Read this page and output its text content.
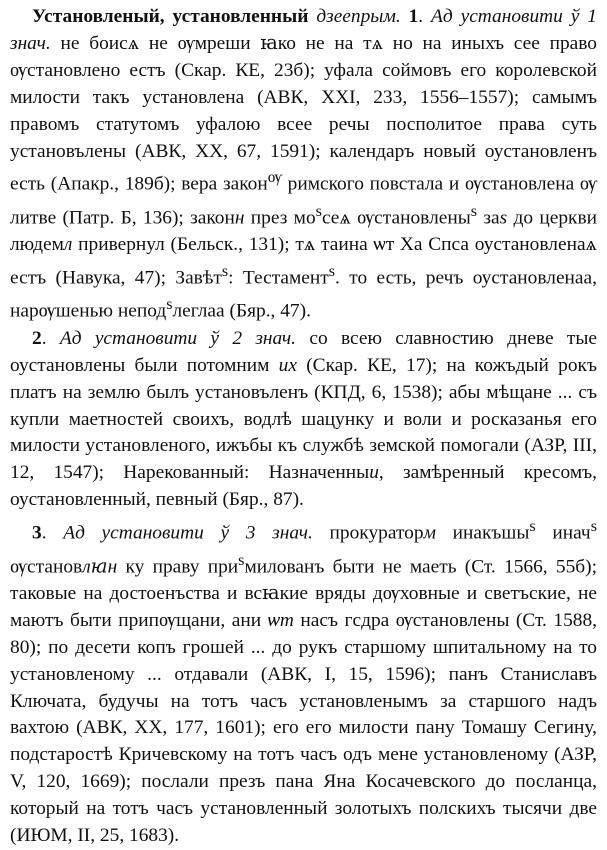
Установленый, установленный дзеепрым. 1. Ад установити ў 1 знач. не боисѧ не ѹмреши ꙗко не на тѧ но на иныхъ сее право ѹстановлено естъ (Скар. КЕ, 23б); уфала сойм​овъ его королевской милости такъ установлена (АВК, XXI, 233, 1556–1557); самымъ правомъ статутомъ уфалою всее речы посполитое права суть установълены (АВК, XX, 67, 1591); календаръ новый оустановленъ есть (Апакр., 189б); вера закон$^ѹ$ римского повстала и ѹстановлена ѹ литве (Патр. Б, 136); законн през $мо^sсеѧ$ ѹстановлены$^s$ заs до церкви людемл привернул (Бельск., 131); тѧ таина ѡт Ха Спса оустановленаѧ естъ (Навука, 47); Завѣт$^s$: Тестамент$^s$. то есть, речъ оустановленаа, нарѹшенью непод$^s$леглаа (Бяр., 47).

2. Ад установити ў 2 знач. со всею славностию дневе тые оустановлены были потомним их (Скар. КЕ, 17); на кожъдый рокъ платъ на землю былъ установъленъ (КПД, 6, 1538); абы мѣщане ... съ купли маетностей своихъ, водлѣ шацунку и воли и росказанья его милости установленого, ижъбы къ службѣ земской помогали (АЗР, III, 12, 1547); Нарекованный: Назначенныи, замѣренный кресомъ, оустановленный, певный (Бяр., 87).

3. Ад установити ў 3 знач. прокураторм инакъшы$^s$ инач$^s$ ѹстановлꙗн ку праву при$^s$милованъ быти не маеть (Ст. 1566, 55б); таковые на достоенъства и всꙗкие вряды дѹховные и светъские, не маютъ быти припѹщани, ани ѡт насъ гсдра ѹстановлены (Ст. 1588, 80); по десети копъ грошей ... до рукъ старшому шпитальному на то установленому ... отдавали (АВК, I, 15, 1596); панъ Станиславъ Ключата, будучы на тотъ часъ установленымъ за старшого надъ вахтою (АВК, XX, 177, 1601); его его милости пану Томашу Сегину, подстаростѣ Кричевскому на тотъ часъ одъ мене установленому (АЗР, V, 120, 1669); послали презъ пана Яна Косачевского до посланца, который на тотъ часъ установленный золотыхъ полскихъ тысячи две (ИЮМ, II, 25, 1683).
